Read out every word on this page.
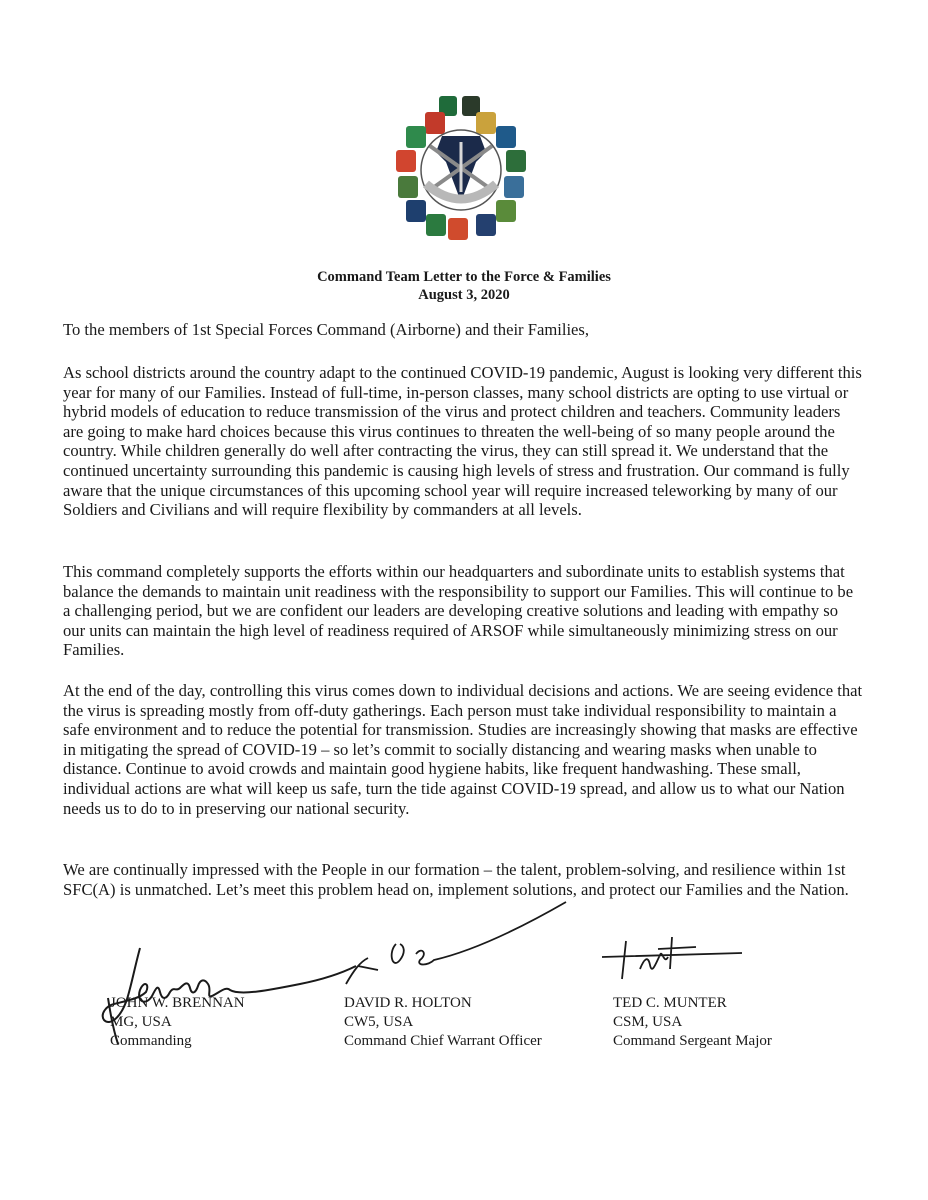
Command Team Letter to the Force & Families
August 3, 2020

To the members of 1st Special Forces Command (Airborne) and their Families,

As school districts around the country adapt to the continued COVID-19 pandemic, August is looking very different this year for many of our Families. Instead of full-time, in-person classes, many school districts are opting to use virtual or hybrid models of education to reduce transmission of the virus and protect children and teachers. Community leaders are going to make hard choices because this virus continues to threaten the well-being of so many people around the country. While children generally do well after contracting the virus, they can still spread it. We understand that the continued uncertainty surrounding this pandemic is causing high levels of stress and frustration. Our command is fully aware that the unique circumstances of this upcoming school year will require increased teleworking by many of our Soldiers and Civilians and will require flexibility by commanders at all levels.

This command completely supports the efforts within our headquarters and subordinate units to establish systems that balance the demands to maintain unit readiness with the responsibility to support our Families. This will continue to be a challenging period, but we are confident our leaders are developing creative solutions and leading with empathy so our units can maintain the high level of readiness required of ARSOF while simultaneously minimizing stress on our Families.

At the end of the day, controlling this virus comes down to individual decisions and actions. We are seeing evidence that the virus is spreading mostly from off-duty gatherings. Each person must take individual responsibility to maintain a safe environment and to reduce the potential for transmission. Studies are increasingly showing that masks are effective in mitigating the spread of COVID-19 – so let’s commit to socially distancing and wearing masks when unable to distance. Continue to avoid crowds and maintain good hygiene habits, like frequent handwashing. These small, individual actions are what will keep us safe, turn the tide against COVID-19 spread, and allow us to what our Nation needs us to do to in preserving our national security.

We are continually impressed with the People in our formation – the talent, problem-solving, and resilience within 1st SFC(A) is unmatched. Let’s meet this problem head on, implement solutions, and protect our Families and the Nation.

JOHN W. BRENNAN
MG, USA
Commanding
DAVID R. HOLTON
CW5, USA
Command Chief Warrant Officer
TED C. MUNTER
CSM, USA
Command Sergeant Major
